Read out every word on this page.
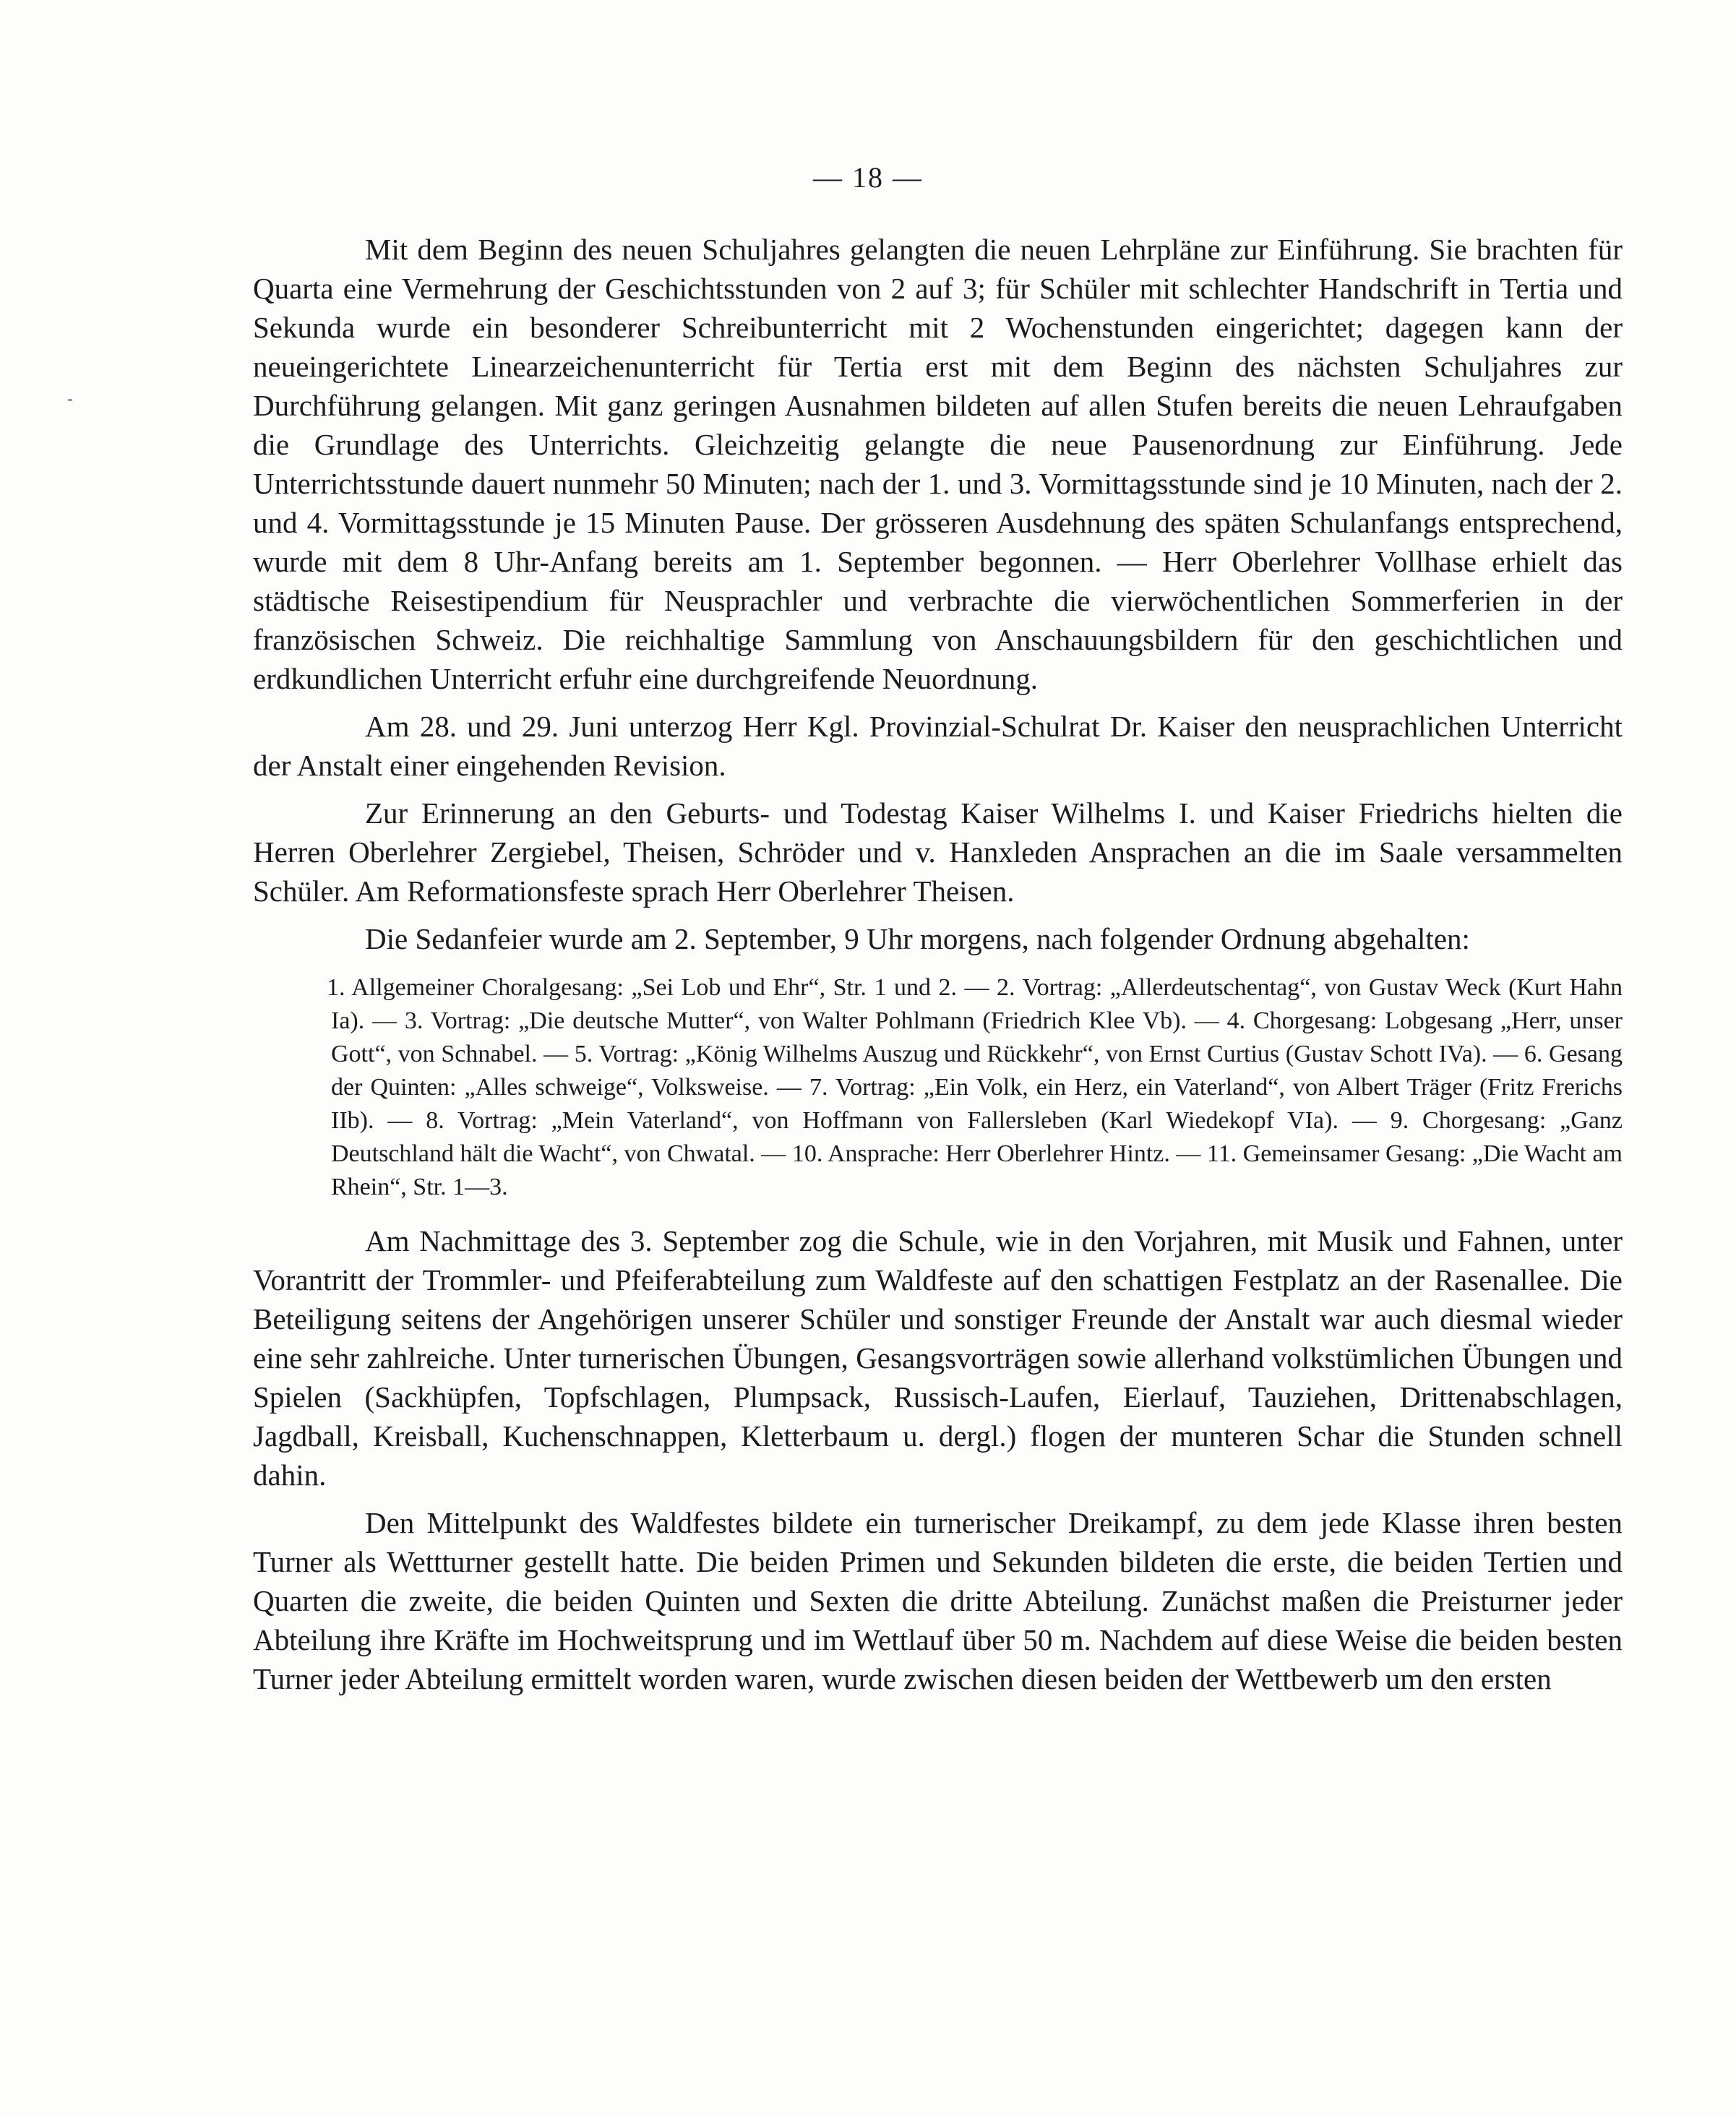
— 18 —

Mit dem Beginn des neuen Schuljahres gelangten die neuen Lehrpläne zur Einführung. Sie brachten für Quarta eine Vermehrung der Geschichtsstunden von 2 auf 3; für Schüler mit schlechter Handschrift in Tertia und Sekunda wurde ein besonderer Schreibunterricht mit 2 Wochenstunden eingerichtet; dagegen kann der neueingerichtete Linearzeichenunterricht für Tertia erst mit dem Beginn des nächsten Schuljahres zur Durchführung gelangen. Mit ganz geringen Ausnahmen bildeten auf allen Stufen bereits die neuen Lehraufgaben die Grundlage des Unterrichts. Gleichzeitig gelangte die neue Pausenordnung zur Einführung. Jede Unterrichtsstunde dauert nunmehr 50 Minuten; nach der 1. und 3. Vormittagsstunde sind je 10 Minuten, nach der 2. und 4. Vormittagsstunde je 15 Minuten Pause. Der grösseren Ausdehnung des späten Schulanfangs entsprechend, wurde mit dem 8 Uhr-Anfang bereits am 1. September begonnen. — Herr Oberlehrer Vollhase erhielt das städtische Reisestipendium für Neusprachler und verbrachte die vierwöchentlichen Sommerferien in der französischen Schweiz. Die reichhaltige Sammlung von Anschauungsbildern für den geschichtlichen und erdkundlichen Unterricht erfuhr eine durchgreifende Neuordnung.

Am 28. und 29. Juni unterzog Herr Kgl. Provinzial-Schulrat Dr. Kaiser den neusprachlichen Unterricht der Anstalt einer eingehenden Revision.

Zur Erinnerung an den Geburts- und Todestag Kaiser Wilhelms I. und Kaiser Friedrichs hielten die Herren Oberlehrer Zergiebel, Theisen, Schröder und v. Hanxleden Ansprachen an die im Saale versammelten Schüler. Am Reformationsfeste sprach Herr Oberlehrer Theisen.

Die Sedanfeier wurde am 2. September, 9 Uhr morgens, nach folgender Ordnung abgehalten:

1. Allgemeiner Choralgesang: „Sei Lob und Ehr“, Str. 1 und 2. — 2. Vortrag: „Allerdeutschentag“, von Gustav Weck (Kurt Hahn Ia). — 3. Vortrag: „Die deutsche Mutter“, von Walter Pohlmann (Friedrich Klee Vb). — 4. Chorgesang: Lobgesang „Herr, unser Gott“, von Schnabel. — 5. Vortrag: „König Wilhelms Auszug und Rückkehr“, von Ernst Curtius (Gustav Schott IVa). — 6. Gesang der Quinten: „Alles schweige“, Volksweise. — 7. Vortrag: „Ein Volk, ein Herz, ein Vaterland“, von Albert Träger (Fritz Frerichs IIb). — 8. Vortrag: „Mein Vaterland“, von Hoffmann von Fallersleben (Karl Wiedekopf VIa). — 9. Chorgesang: „Ganz Deutschland hält die Wacht“, von Chwatal. — 10. Ansprache: Herr Oberlehrer Hintz. — 11. Gemeinsamer Gesang: „Die Wacht am Rhein“, Str. 1—3.

Am Nachmittage des 3. September zog die Schule, wie in den Vorjahren, mit Musik und Fahnen, unter Vorantritt der Trommler- und Pfeiferabteilung zum Waldfeste auf den schattigen Festplatz an der Rasenallee. Die Beteiligung seitens der Angehörigen unserer Schüler und sonstiger Freunde der Anstalt war auch diesmal wieder eine sehr zahlreiche. Unter turnerischen Übungen, Gesangsvorträgen sowie allerhand volkstümlichen Übungen und Spielen (Sackhüpfen, Topfschlagen, Plumpsack, Russisch-Laufen, Eierlauf, Tauziehen, Drittenabschlagen, Jagdball, Kreisball, Kuchenschnappen, Kletterbaum u. dergl.) flogen der munteren Schar die Stunden schnell dahin.

Den Mittelpunkt des Waldfestes bildete ein turnerischer Dreikampf, zu dem jede Klasse ihren besten Turner als Wettturner gestellt hatte. Die beiden Primen und Sekunden bildeten die erste, die beiden Tertien und Quarten die zweite, die beiden Quinten und Sexten die dritte Abteilung. Zunächst maßen die Preisturner jeder Abteilung ihre Kräfte im Hochweitsprung und im Wettlauf über 50 m. Nachdem auf diese Weise die beiden besten Turner jeder Abteilung ermittelt worden waren, wurde zwischen diesen beiden der Wettbewerb um den ersten
